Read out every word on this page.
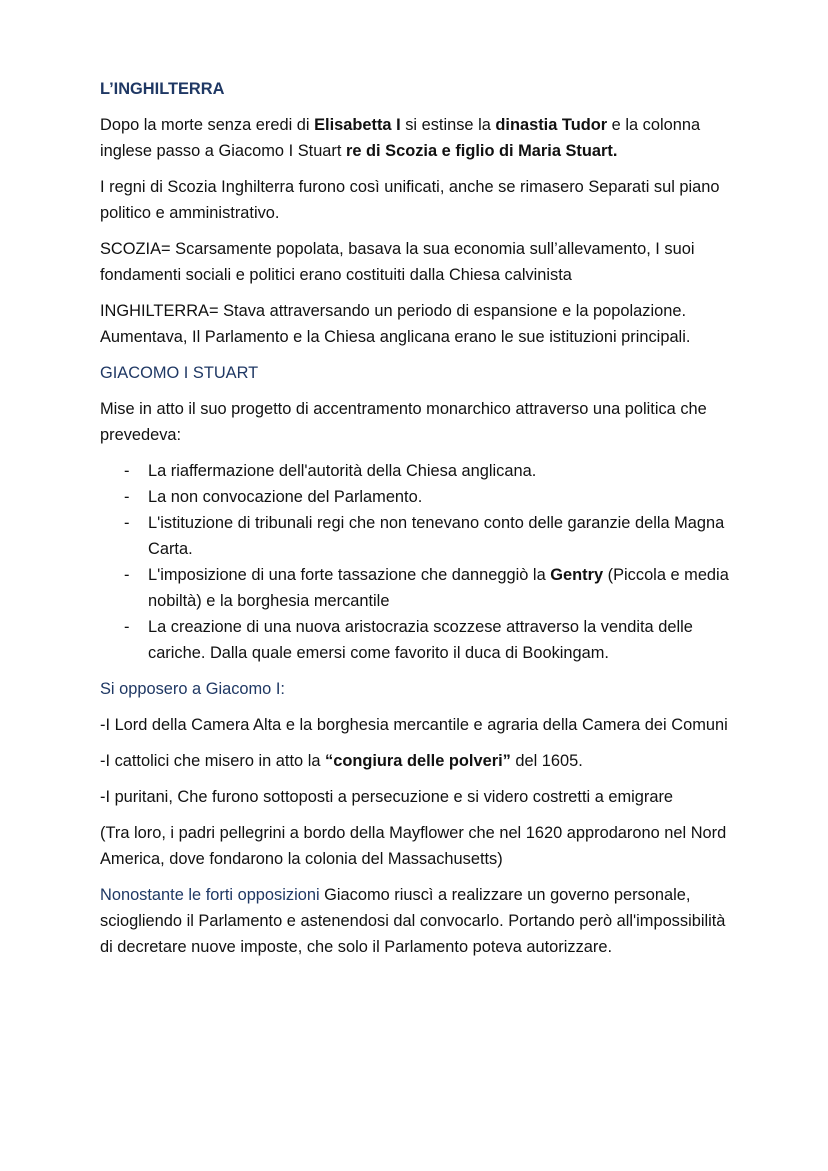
L’INGHILTERRA

Dopo la morte senza eredi di Elisabetta I si estinse la dinastia Tudor e la colonna inglese passo a Giacomo I Stuart re di Scozia e figlio di Maria Stuart.

I regni di Scozia Inghilterra furono così unificati, anche se rimasero Separati sul piano politico e amministrativo.

SCOZIA= Scarsamente popolata, basava la sua economia sull’allevamento, I suoi fondamenti sociali e politici erano costituiti dalla Chiesa calvinista

INGHILTERRA= Stava attraversando un periodo di espansione e la popolazione. Aumentava, Il Parlamento e la Chiesa anglicana erano le sue istituzioni principali.

GIACOMO I STUART

Mise in atto il suo progetto di accentramento monarchico attraverso una politica che prevedeva:

- La riaffermazione dell'autorità della Chiesa anglicana.
- La non convocazione del Parlamento.
- L'istituzione di tribunali regi che non tenevano conto delle garanzie della Magna Carta.
- L'imposizione di una forte tassazione che danneggiò la Gentry (Piccola e media nobiltà) e la borghesia mercantile
- La creazione di una nuova aristocrazia scozzese attraverso la vendita delle cariche. Dalla quale emersi come favorito il duca di Bookingam.
Si opposero a Giacomo I:

-I Lord della Camera Alta e la borghesia mercantile e agraria della Camera dei Comuni

-I cattolici che misero in atto la “congiura delle polveri” del 1605.

-I puritani, Che furono sottoposti a persecuzione e si videro costretti a emigrare

(Tra loro, i padri pellegrini a bordo della Mayflower che nel 1620 approdarono nel Nord America, dove fondarono la colonia del Massachusetts)

Nonostante le forti opposizioni Giacomo riuscì a realizzare un governo personale, sciogliendo il Parlamento e astenendosi dal convocarlo. Portando però all'impossibilità di decretare nuove imposte, che solo il Parlamento poteva autorizzare.
